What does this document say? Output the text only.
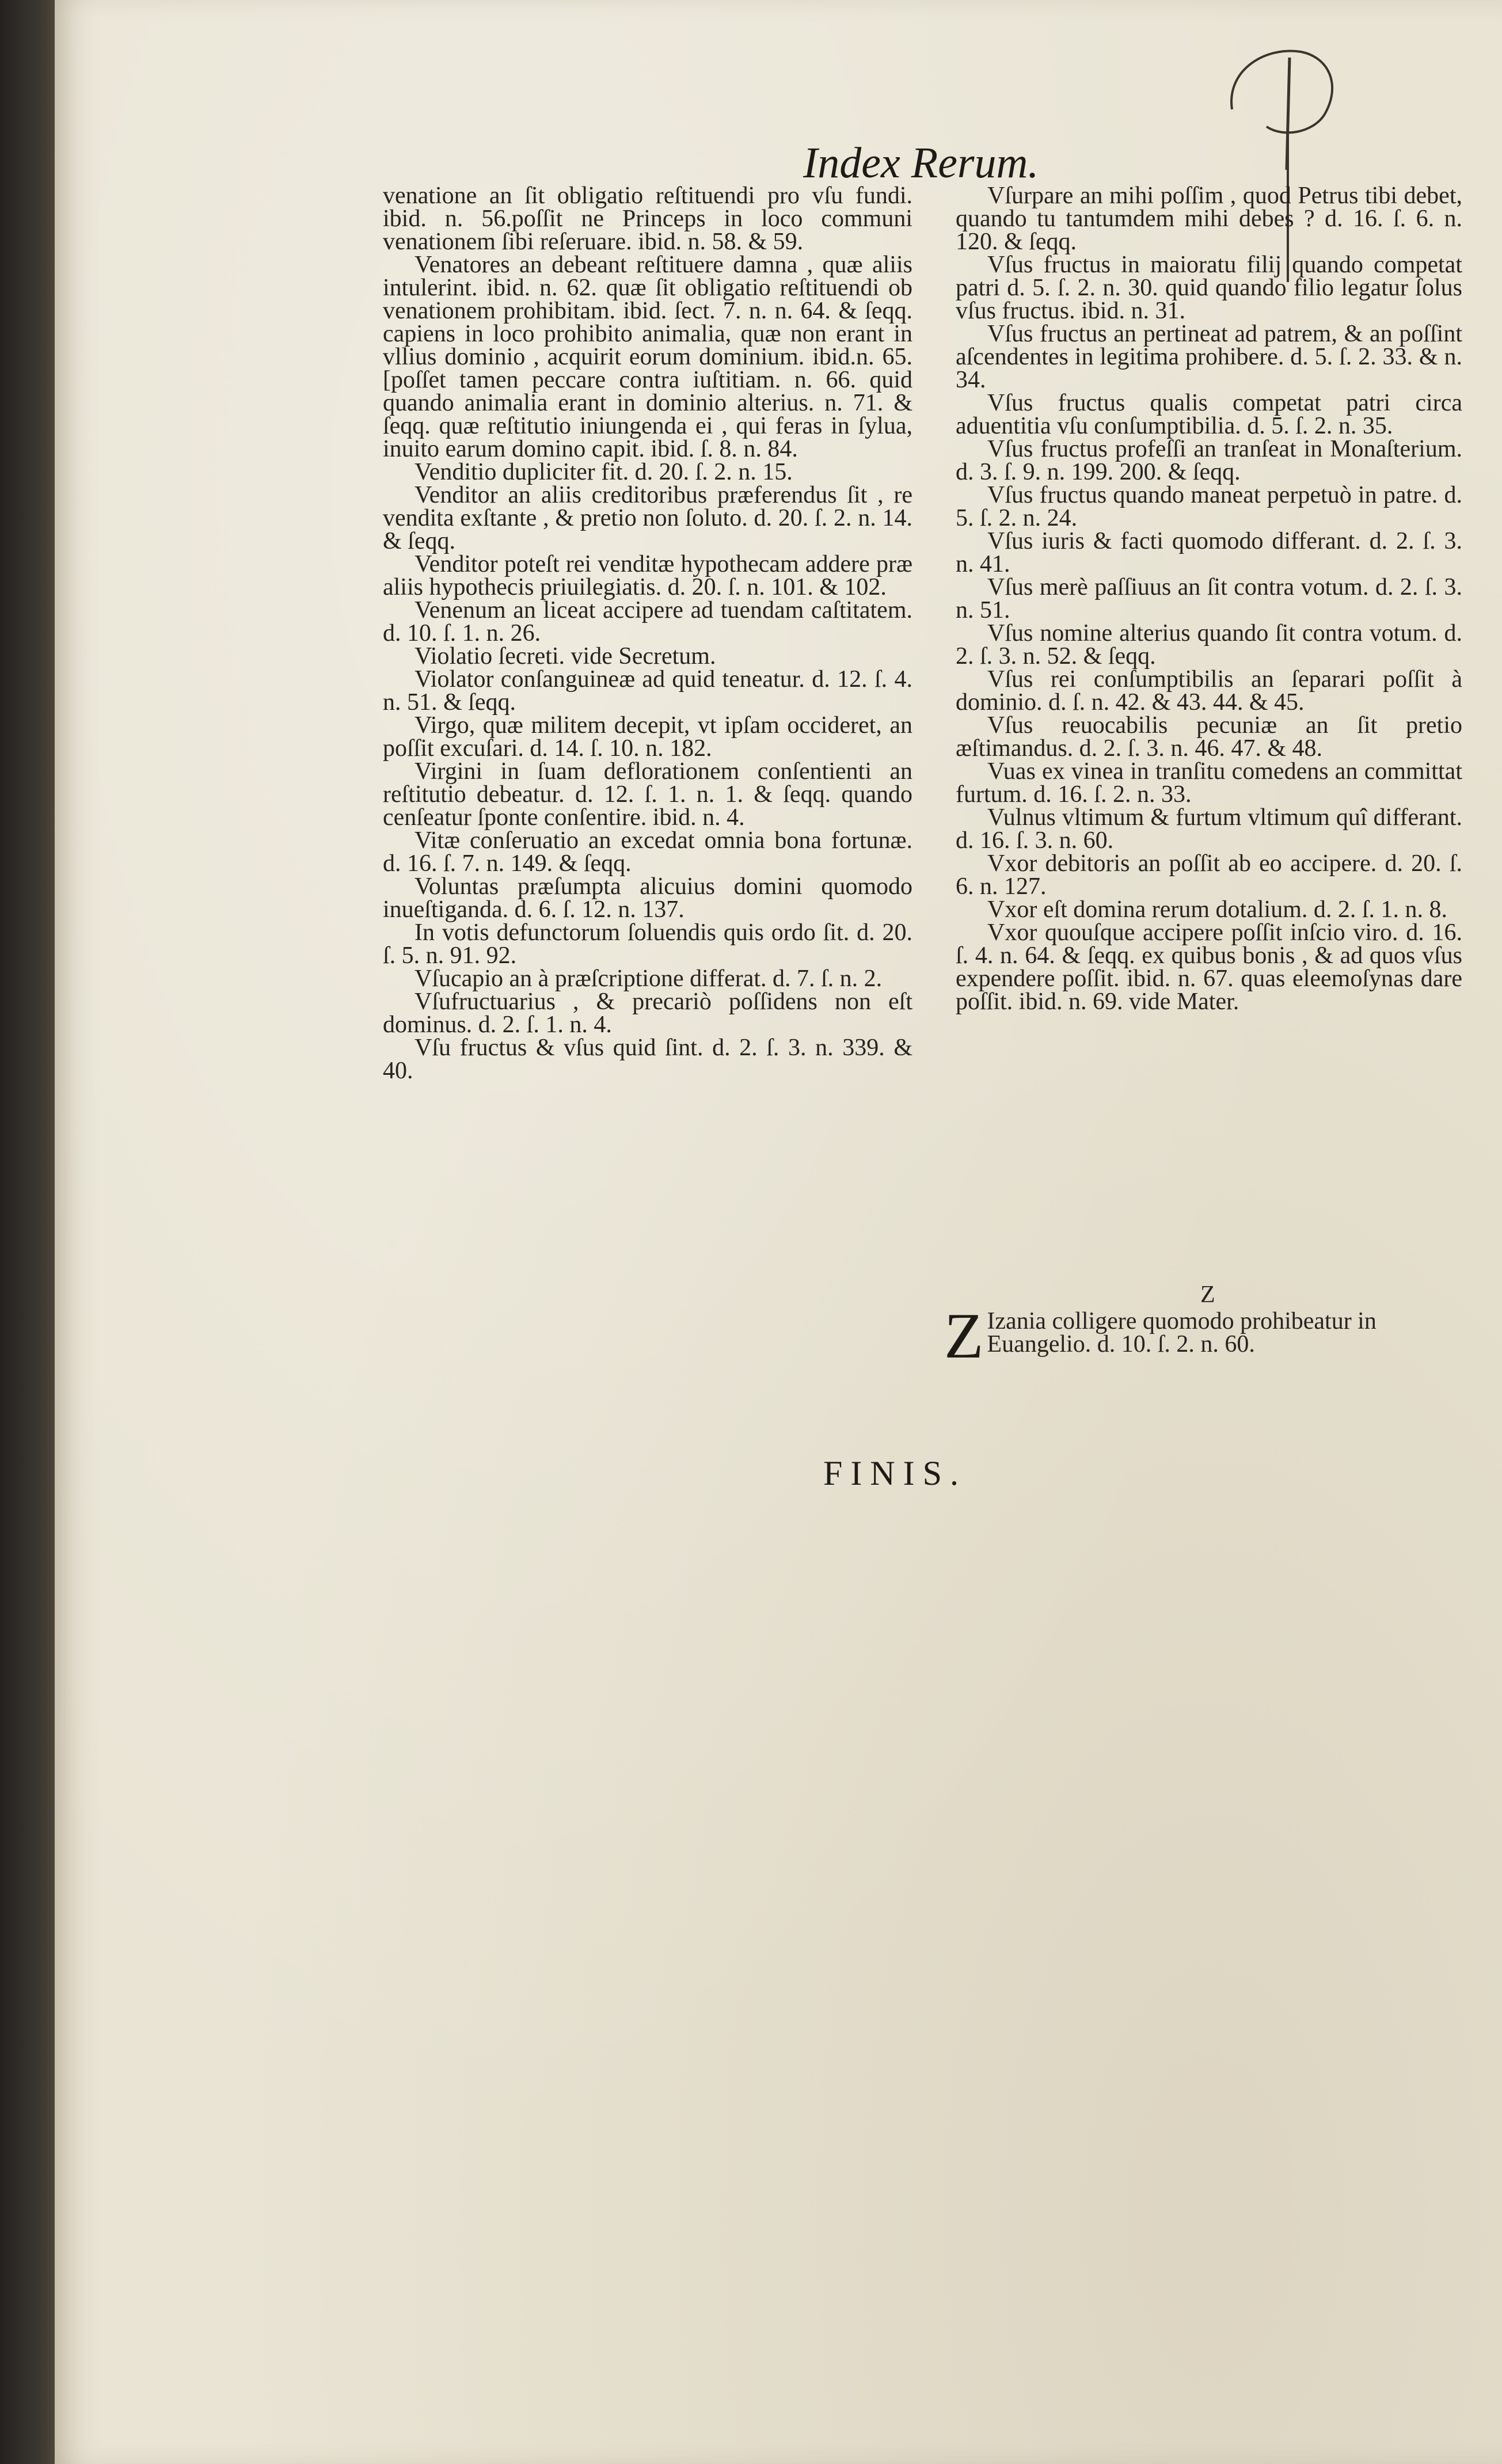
Index Rerum.

venatione an ſit obligatio reſtituendi pro vſu fundi. ibid. n. 56.poſſit ne Princeps in loco communi venationem ſibi reſeruare. ibid. n. 58. & 59.

Venatores an debeant reſtituere damna , quæ aliis intulerint. ibid. n. 62. quæ ſit obligatio reſtituendi ob venationem prohibitam. ibid. ſect. 7. n. n. 64. & ſeqq. capiens in loco prohibito animalia, quæ non erant in vllius dominio , acquirit eorum dominium. ibid.n. 65.[poſſet tamen peccare contra iuſtitiam. n. 66. quid quando animalia erant in dominio alterius. n. 71. & ſeqq. quæ reſtitutio iniungenda ei , qui feras in ſylua, inuito earum domino capit. ibid. ſ. 8. n. 84.

Venditio dupliciter fit. d. 20. ſ. 2. n. 15.

Venditor an aliis creditoribus præferendus ſit , re vendita exſtante , & pretio non ſoluto. d. 20. ſ. 2. n. 14. & ſeqq.

Venditor poteſt rei venditæ hypothecam addere præ aliis hypothecis priuilegiatis. d. 20. ſ. n. 101. & 102.

Venenum an liceat accipere ad tuendam caſtitatem. d. 10. ſ. 1. n. 26.

Violatio ſecreti. vide Secretum.

Violator conſanguineæ ad quid teneatur. d. 12. ſ. 4. n. 51. & ſeqq.

Virgo, quæ militem decepit, vt ipſam occideret, an poſſit excuſari. d. 14. ſ. 10. n. 182.

Virgini in ſuam deflorationem conſentienti an reſtitutio debeatur. d. 12. ſ. 1. n. 1. & ſeqq. quando cenſeatur ſponte conſentire. ibid. n. 4.

Vitæ conſeruatio an excedat omnia bona fortunæ. d. 16. ſ. 7. n. 149. & ſeqq.

Voluntas præſumpta alicuius domini quomodo inueſtiganda. d. 6. ſ. 12. n. 137.

In votis defunctorum ſoluendis quis ordo ſit. d. 20. ſ. 5. n. 91. 92.

Vſucapio an à præſcriptione differat. d. 7. ſ. n. 2.

Vſufructuarius , & precariò poſſidens non eſt dominus. d. 2. ſ. 1. n. 4.

Vſu fructus & vſus quid ſint. d. 2. ſ. 3. n. 339. & 40.

Vſurpare an mihi poſſim , quod Petrus tibi debet, quando tu tantumdem mihi debes ? d. 16. ſ. 6. n. 120. & ſeqq.

Vſus fructus in maioratu filij quando competat patri d. 5. ſ. 2. n. 30. quid quando filio legatur ſolus vſus fructus. ibid. n. 31.

Vſus fructus an pertineat ad patrem, & an poſſint aſcendentes in legitima prohibere. d. 5. ſ. 2. 33. & n. 34.

Vſus fructus qualis competat patri circa aduentitia vſu conſumptibilia. d. 5. ſ. 2. n. 35.

Vſus fructus profeſſi an tranſeat in Monaſterium. d. 3. ſ. 9. n. 199. 200. & ſeqq.

Vſus fructus quando maneat perpetuò in patre. d. 5. ſ. 2. n. 24.

Vſus iuris & facti quomodo differant. d. 2. ſ. 3. n. 41.

Vſus merè paſſiuus an ſit contra votum. d. 2. ſ. 3. n. 51.

Vſus nomine alterius quando ſit contra votum. d. 2. ſ. 3. n. 52. & ſeqq.

Vſus rei conſumptibilis an ſeparari poſſit à dominio. d. ſ. n. 42. & 43. 44. & 45.

Vſus reuocabilis pecuniæ an ſit pretio æſtimandus. d. 2. ſ. 3. n. 46. 47. & 48.

Vuas ex vinea in tranſitu comedens an committat furtum. d. 16. ſ. 2. n. 33.

Vulnus vltimum & furtum vltimum quî differant. d. 16. ſ. 3. n. 60.

Vxor debitoris an poſſit ab eo accipere. d. 20. ſ. 6. n. 127.

Vxor eſt domina rerum dotalium. d. 2. ſ. 1. n. 8.

Vxor quouſque accipere poſſit inſcio viro. d. 16. ſ. 4. n. 64. & ſeqq. ex quibus bonis , & ad quos vſus expendere poſſit. ibid. n. 67. quas eleemoſynas dare poſſit. ibid. n. 69. vide Mater.

Z
Z Izania colligere quomodo prohibeatur in Euangelio. d. 10. ſ. 2. n. 60.
FINIS.
